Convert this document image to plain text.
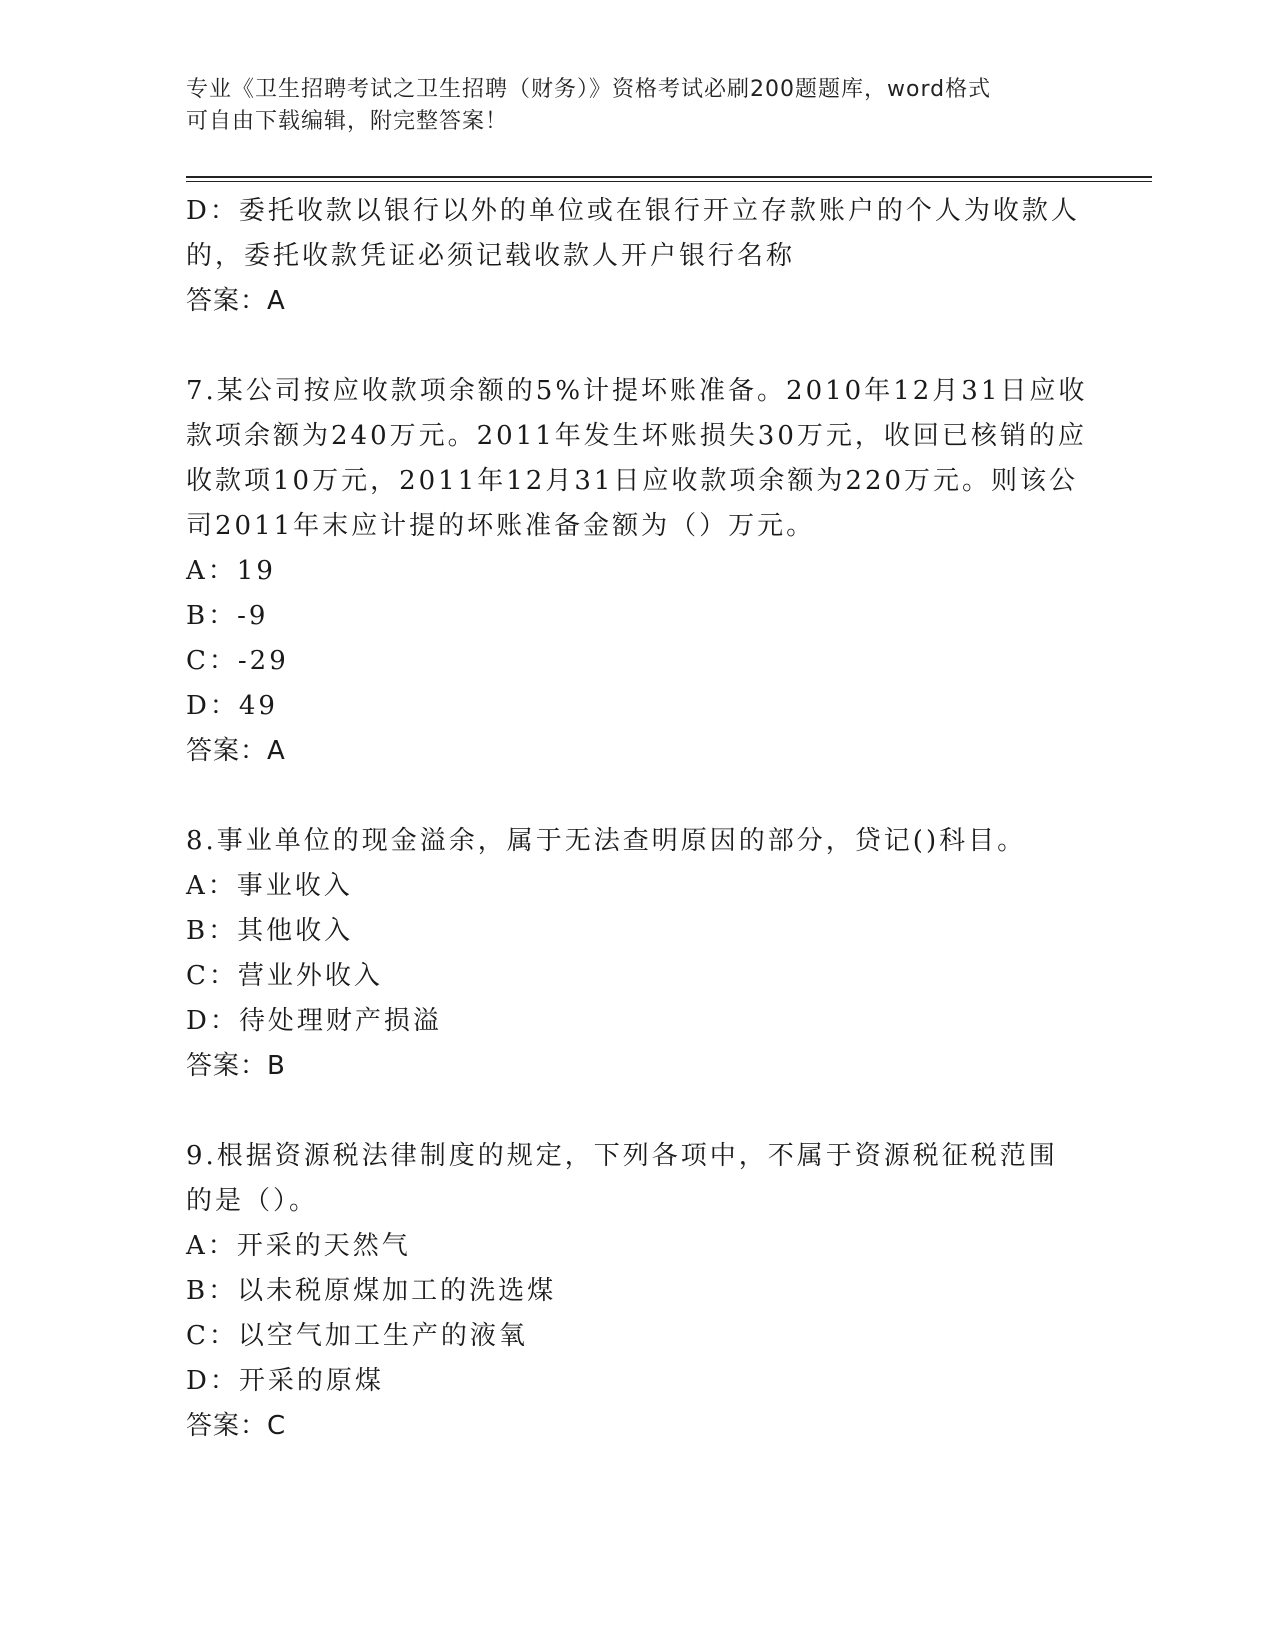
专业《卫生招聘考试之卫生招聘（财务）》资格考试必刷200题题库，word格式
可自由下载编辑，附完整答案！
D：委托收款以银行以外的单位或在银行开立存款账户的个人为收款人
的，委托收款凭证必须记载收款人开户银行名称
答案：A
7.某公司按应收款项余额的5%计提坏账准备。2010年12月31日应收
款项余额为240万元。2011年发生坏账损失30万元，收回已核销的应
收款项10万元，2011年12月31日应收款项余额为220万元。则该公
司2011年末应计提的坏账准备金额为（）万元。
A：19
B：-9
C：-29
D：49
答案：A
8.事业单位的现金溢余，属于无法查明原因的部分，贷记()科目。
A：事业收入
B：其他收入
C：营业外收入
D：待处理财产损溢
答案：B
9.根据资源税法律制度的规定，下列各项中，不属于资源税征税范围
的是（）。
A：开采的天然气
B：以未税原煤加工的洗选煤
C：以空气加工生产的液氧
D：开采的原煤
答案：C
